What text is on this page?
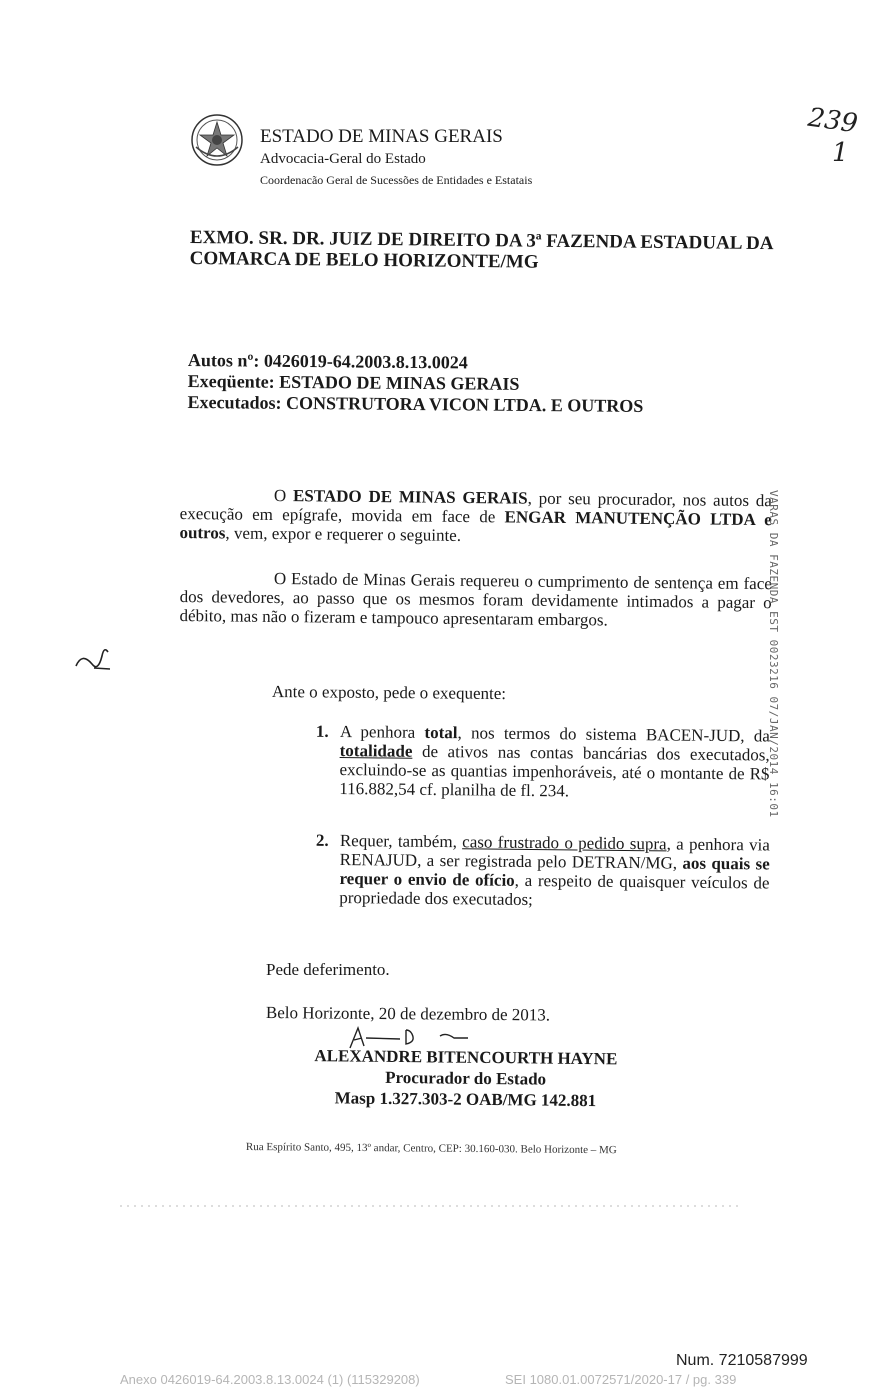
ESTADO DE MINAS GERAIS
Advocacia-Geral do Estado
Coordenacão Geral de Sucessões de Entidades e Estatais
239
1
EXMO. SR. DR. JUIZ DE DIREITO DA 3ª FAZENDA ESTADUAL DA COMARCA DE BELO HORIZONTE/MG
Autos nº: 0426019-64.2003.8.13.0024
Exeqüente: ESTADO DE MINAS GERAIS
Executados: CONSTRUTORA VICON LTDA. E OUTROS
O ESTADO DE MINAS GERAIS, por seu procurador, nos autos da execução em epígrafe, movida em face de ENGAR MANUTENÇÃO LTDA e outros, vem, expor e requerer o seguinte.
O Estado de Minas Gerais requereu o cumprimento de sentença em face dos devedores, ao passo que os mesmos foram devidamente intimados a pagar o débito, mas não o fizeram e tampouco apresentaram embargos.
Ante o exposto, pede o exequente:
1. A penhora total, nos termos do sistema BACEN-JUD, da totalidade de ativos nas contas bancárias dos executados, excluindo-se as quantias impenhoráveis, até o montante de R$ 116.882,54 cf. planilha de fl. 234.
2. Requer, também, caso frustrado o pedido supra, a penhora via RENAJUD, a ser registrada pelo DETRAN/MG, aos quais se requer o envio de ofício, a respeito de quaisquer veículos de propriedade dos executados;
Pede deferimento.
Belo Horizonte, 20 de dezembro de 2013.
ALEXANDRE BITENCOURTH HAYNE
Procurador do Estado
Masp 1.327.303-2 OAB/MG 142.881
Rua Espírito Santo, 495, 13º andar, Centro, CEP: 30.160-030. Belo Horizonte – MG
VARAS DA FAZENDA EST 0023216 07/JAN/2014 16:01
Num. 7210587999
Anexo 0426019-64.2003.8.13.0024 (1) (115329208)	SEI 1080.01.0072571/2020-17 / pg. 339
